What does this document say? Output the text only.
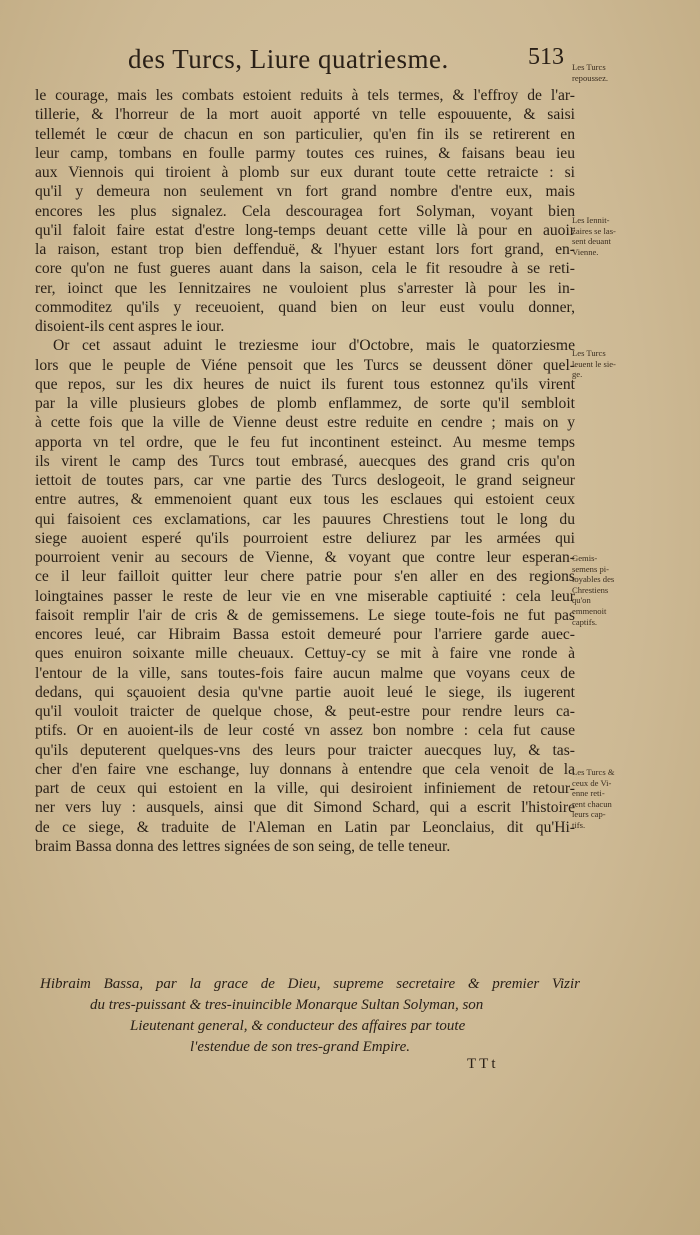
des Turcs, Liure quatriesme.	513
le courage, mais les combats estoient reduits à tels termes, & l'effroy de l'ar-
tillerie, & l'horreur de la mort auoit apporté vn telle espouuente, & saisi
tellemét le cœur de chacun en son particulier, qu'en fin ils se retirerent en
leur camp, tombans en foulle parmy toutes ces ruines, & faisans beau ieu
aux Viennois qui tiroient à plomb sur eux durant toute cette retraicte : si
qu'il y demeura non seulement vn fort grand nombre d'entre eux, mais
encores les plus signalez. Cela descouragea fort Solyman, voyant bien
qu'il faloit faire estat d'estre long-temps deuant cette ville là pour en auoir
la raison, estant trop bien deffenduë, & l'hyuer estant lors fort grand, en-
core qu'on ne fust gueres auant dans la saison, cela le fit resoudre à se reti-
rer, ioinct que les Iennitzaires ne vouloient plus s'arrester là pour les in-
commoditez qu'ils y receuoient, quand bien on leur eust voulu donner,
disoient-ils cent aspres le iour.
Or cet assaut aduint le treziesme iour d'Octobre, mais le quatorziesme
lors que le peuple de Viéne pensoit que les Turcs se deussent döner quel-
que repos, sur les dix heures de nuict ils furent tous estonnez qu'ils virent
par la ville plusieurs globes de plomb enflammez, de sorte qu'il sembloit
à cette fois que la ville de Vienne deust estre reduite en cendre ; mais on y
apporta vn tel ordre, que le feu fut incontinent esteinct. Au mesme temps
ils virent le camp des Turcs tout embrasé, auecques des grand cris qu'on
iettoit de toutes pars, car vne partie des Turcs deslogeoit, le grand seigneur
entre autres, & emmenoient quant eux tous les esclaues qui estoient ceux
qui faisoient ces exclamations, car les pauures Chrestiens tout le long du
siege auoient esperé qu'ils pourroient estre deliurez par les armées qui
pourroient venir au secours de Vienne, & voyant que contre leur esperan-
ce il leur failloit quitter leur chere patrie pour s'en aller en des regions
loingtaines passer le reste de leur vie en vne miserable captiuité : cela leur
faisoit remplir l'air de cris & de gemissemens. Le siege toute-fois ne fut pas
encores leué, car Hibraim Bassa estoit demeuré pour l'arriere garde auec-
ques enuiron soixante mille cheuaux. Cettuy-cy se mit à faire vne ronde à
l'entour de la ville, sans toutes-fois faire aucun malme que voyans ceux de
dedans, qui sçauoient desia qu'vne partie auoit leué le siege, ils iugerent
qu'il vouloit traicter de quelque chose, & peut-estre pour rendre leurs ca-
ptifs. Or en auoient-ils de leur costé vn assez bon nombre : cela fut cause
qu'ils deputerent quelques-vns des leurs pour traicter auecques luy, & tas-
cher d'en faire vne eschange, luy donnans à entendre que cela venoit de la
part de ceux qui estoient en la ville, qui desiroient infiniement de retour-
ner vers luy : ausquels, ainsi que dit Simond Schard, qui a escrit l'histoire
de ce siege, & traduite de l'Aleman en Latin par Leonclaius, dit qu'Hi-
braim Bassa donna des lettres signées de son seing, de telle teneur.
Les Turcs
repoussez.
Les Iennit-
zaires se las-
sent deuant
Vienne.
Les Turcs
leuent le sie-
ge.
Gemis-
semens pi-
toyables des
Chrestiens
qu'on
emmenoit
captifs.
Les Turcs &
ceux de Vi-
enne reti-
rent chacun
leurs cap-
tifs.
Hibraim Bassa, par la grace de Dieu, supreme secretaire & premier Vizir
du tres-puissant & tres-inuincible Monarque Sultan Solyman, son
Lieutenant general, & conducteur des affaires par toute
l'estendue de son tres-grand Empire.
TTt
